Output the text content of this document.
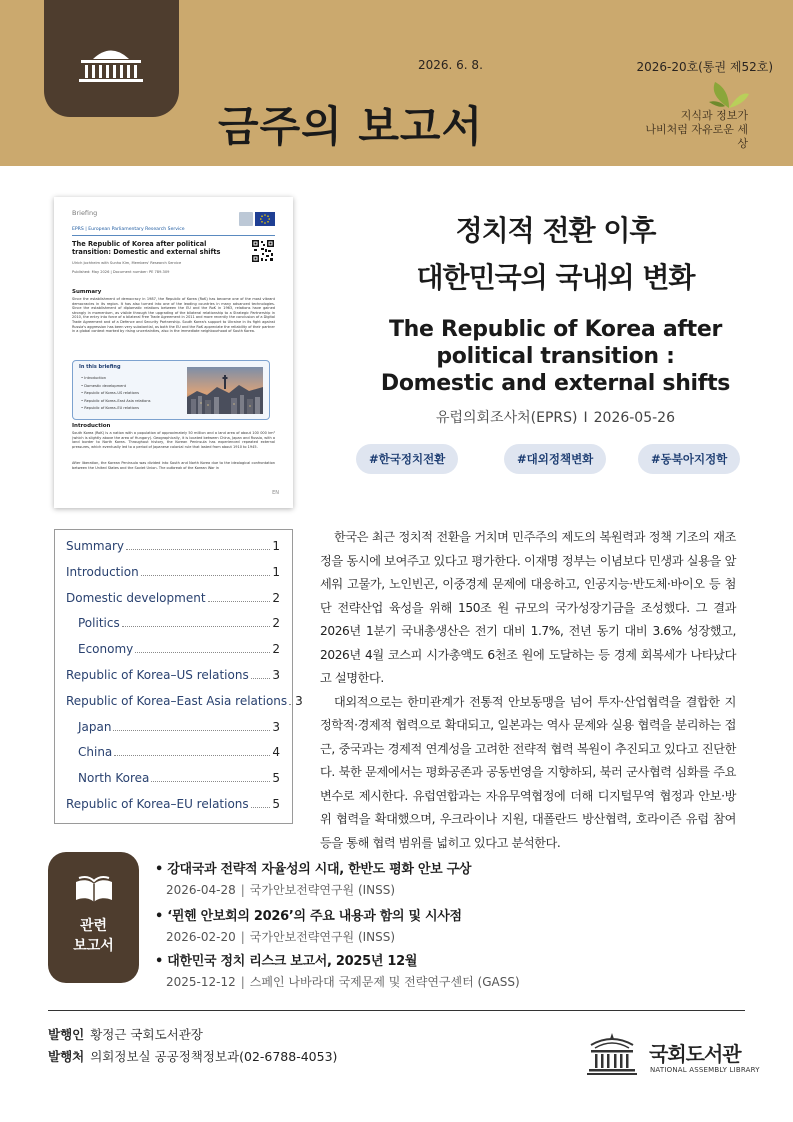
2026. 6. 8.	2026-20호(통권 제52호)
금주의 보고서	지식과 정보가
나비처럼 자유로운 세상
Briefing
EPRS | European Parliamentary Research Service
The Republic of Korea after political transition: Domestic and external shifts
Ulrich Jochheim with Sunho Kim, Members' Research Service
Published: May 2026 | Document number: PE 789.309
Summary
Since the establishment of democracy in 1987, the Republic of Korea (RoK) has become one of the most vibrant democracies in its region. It has also turned into one of the leading countries in many advanced technologies. Since the establishment of diplomatic relations between the EU and the RoK in 1963, relations have gained strongly in momentum, as visible through the upgrading of the bilateral relationship to a Strategic Partnership in 2010, the entry into force of a bilateral Free Trade Agreement in 2011 and more recently the conclusion of a Digital Trade Agreement and of a Defence and Security Partnership. South Korea's support to Ukraine in its fight against Russia's aggression has been very substantial, as both the EU and the RoK appreciate the reliability of their partner in a global context marked by rising uncertainties, also in the immediate neighbourhood of South Korea.
In this briefing
• Introduction
• Domestic development
• Republic of Korea–US relations
• Republic of Korea–East Asia relations
• Republic of Korea–EU relations
Introduction
South Korea (RoK) is a nation with a population of approximately 50 million and a land area of about 100 000 km² (which is slightly above the area of Hungary). Geographically, it is located between China, Japan and Russia, with a land border to North Korea. Throughout history, the Korean Peninsula has experienced repeated external pressures, which eventually led to a period of Japanese colonial rule that lasted from about 1910 to 1945.
After liberation, the Korean Peninsula was divided into South and North Korea due to the ideological confrontation between the United States and the Soviet Union. The outbreak of the Korean War in
EN
정치적 전환 이후
대한민국의 국내외 변화
The Republic of Korea after
political transition :
Domestic and external shifts
유럽의회조사처(EPRS) I 2026-05-26
#한국정치전환	#대외정책변화	#동북아지정학
Summary	1
Introduction	1
Domestic development	2
Politics	2
Economy	2
Republic of Korea–US relations 3
Republic of Korea–East Asia relations 3
Japan	3
China	4
North Korea	5
Republic of Korea–EU relations 5

한국은 최근 정치적 전환을 거치며 민주주의 제도의 복원력과 정책 기조의 재조정을 동시에 보여주고 있다고 평가한다. 이재명 정부는 이념보다 민생과 실용을 앞세워 고물가, 노인빈곤, 이중경제 문제에 대응하고, 인공지능·반도체·바이오 등 첨단 전략산업 육성을 위해 150조 원 규모의 국가성장기금을 조성했다. 그 결과 2026년 1분기 국내총생산은 전기 대비 1.7%, 전년 동기 대비 3.6% 성장했고, 2026년 4월 코스피 시가총액도 6천조 원에 도달하는 등 경제 회복세가 나타났다고 설명한다.

대외적으로는 한미관계가 전통적 안보동맹을 넘어 투자·산업협력을 결합한 지정학적·경제적 협력으로 확대되고, 일본과는 역사 문제와 실용 협력을 분리하는 접근, 중국과는 경제적 연계성을 고려한 전략적 협력 복원이 추진되고 있다고 진단한다. 북한 문제에서는 평화공존과 공동번영을 지향하되, 북러 군사협력 심화를 주요 변수로 제시한다. 유럽연합과는 자유무역협정에 더해 디지털무역 협정과 안보·방위 협력을 확대했으며, 우크라이나 지원, 대폴란드 방산협력, 호라이즌 유럽 참여 등을 통해 협력 범위를 넓히고 있다고 분석한다.

관련
보고서
• 강대국과 전략적 자율성의 시대, 한반도 평화 안보 구상
2026-04-28 | 국가안보전략연구원 (INSS)
• ‘뮌헨 안보회의 2026’의 주요 내용과 함의 및 시사점
2026-02-20 | 국가안보전략연구원 (INSS)
• 대한민국 정치 리스크 보고서, 2025년 12월
2025-12-12 | 스페인 나바라대 국제문제 및 전략연구센터 (GASS)
발행인 황정근 국회도서관장
발행처 의회정보실 공공정책정보과(02-6788-4053)	국회도서관
NATIONAL ASSEMBLY LIBRARY
